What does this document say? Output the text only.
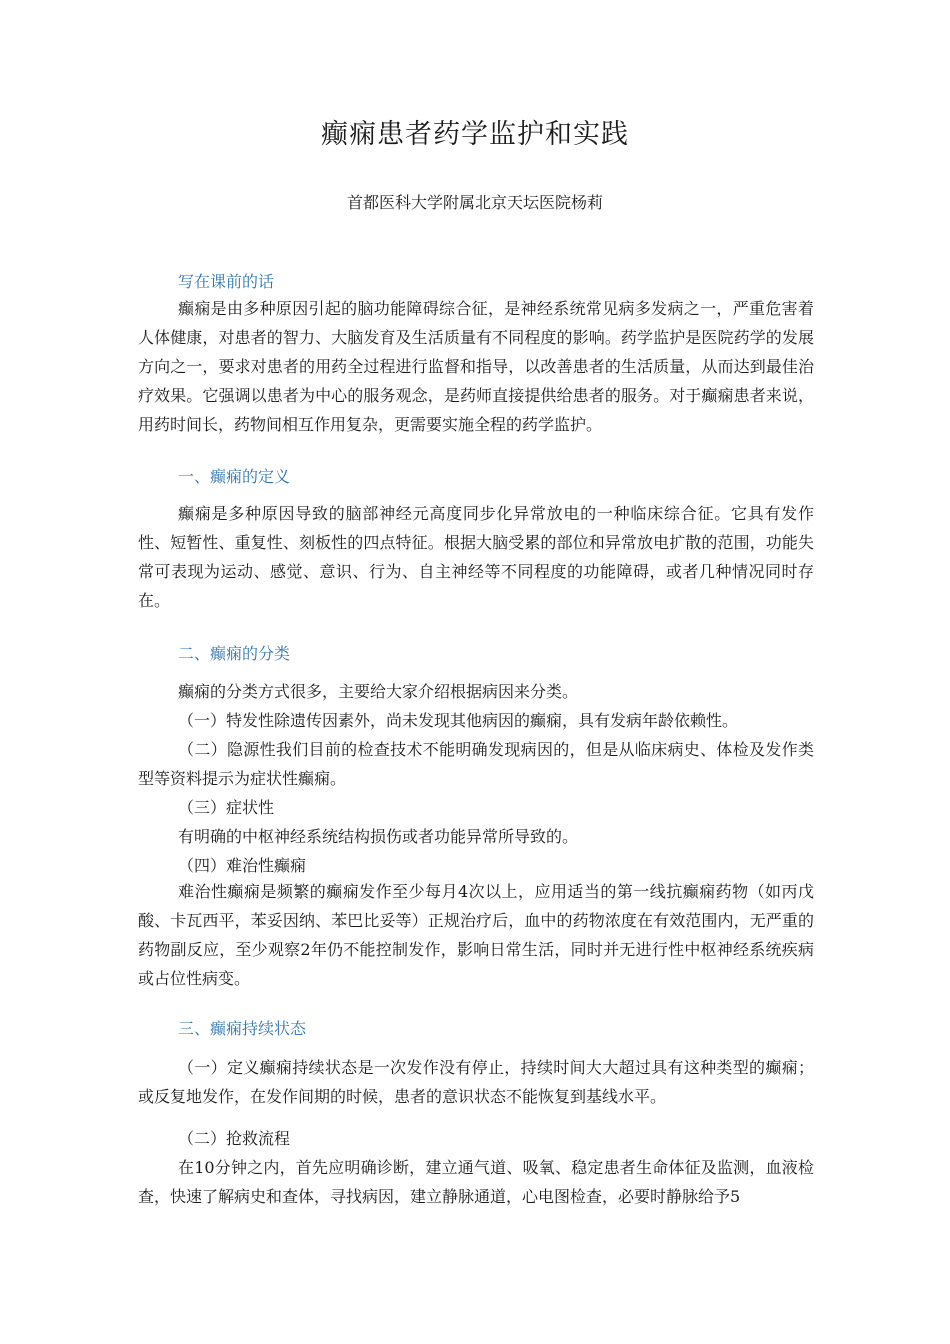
癫痫患者药学监护和实践
首都医科大学附属北京天坛医院杨莉
写在课前的话
癫痫是由多种原因引起的脑功能障碍综合征，是神经系统常见病多发病之一，严重危害着人体健康，对患者的智力、大脑发育及生活质量有不同程度的影响。药学监护是医院药学的发展方向之一，要求对患者的用药全过程进行监督和指导，以改善患者的生活质量，从而达到最佳治疗效果。它强调以患者为中心的服务观念，是药师直接提供给患者的服务。对于癫痫患者来说，用药时间长，药物间相互作用复杂，更需要实施全程的药学监护。
一、癫痫的定义
癫痫是多种原因导致的脑部神经元高度同步化异常放电的一种临床综合征。它具有发作性、短暂性、重复性、刻板性的四点特征。根据大脑受累的部位和异常放电扩散的范围，功能失常可表现为运动、感觉、意识、行为、自主神经等不同程度的功能障碍，或者几种情况同时存在。
二、癫痫的分类
癫痫的分类方式很多，主要给大家介绍根据病因来分类。
（一）特发性除遗传因素外，尚未发现其他病因的癫痫，具有发病年龄依赖性。
（二）隐源性我们目前的检查技术不能明确发现病因的，但是从临床病史、体检及发作类型等资料提示为症状性癫痫。
（三）症状性
有明确的中枢神经系统结构损伤或者功能异常所导致的。
（四）难治性癫痫
难治性癫痫是频繁的癫痫发作至少每月4次以上，应用适当的第一线抗癫痫药物（如丙戊酸、卡瓦西平，苯妥因纳、苯巴比妥等）正规治疗后，血中的药物浓度在有效范围内，无严重的药物副反应，至少观察2年仍不能控制发作，影响日常生活，同时并无进行性中枢神经系统疾病或占位性病变。
三、癫痫持续状态
（一）定义癫痫持续状态是一次发作没有停止，持续时间大大超过具有这种类型的癫痫；或反复地发作，在发作间期的时候，患者的意识状态不能恢复到基线水平。
（二）抢救流程
在10分钟之内，首先应明确诊断，建立通气道、吸氧、稳定患者生命体征及监测，血液检查，快速了解病史和查体，寻找病因，建立静脉通道，心电图检查，必要时静脉给予5
